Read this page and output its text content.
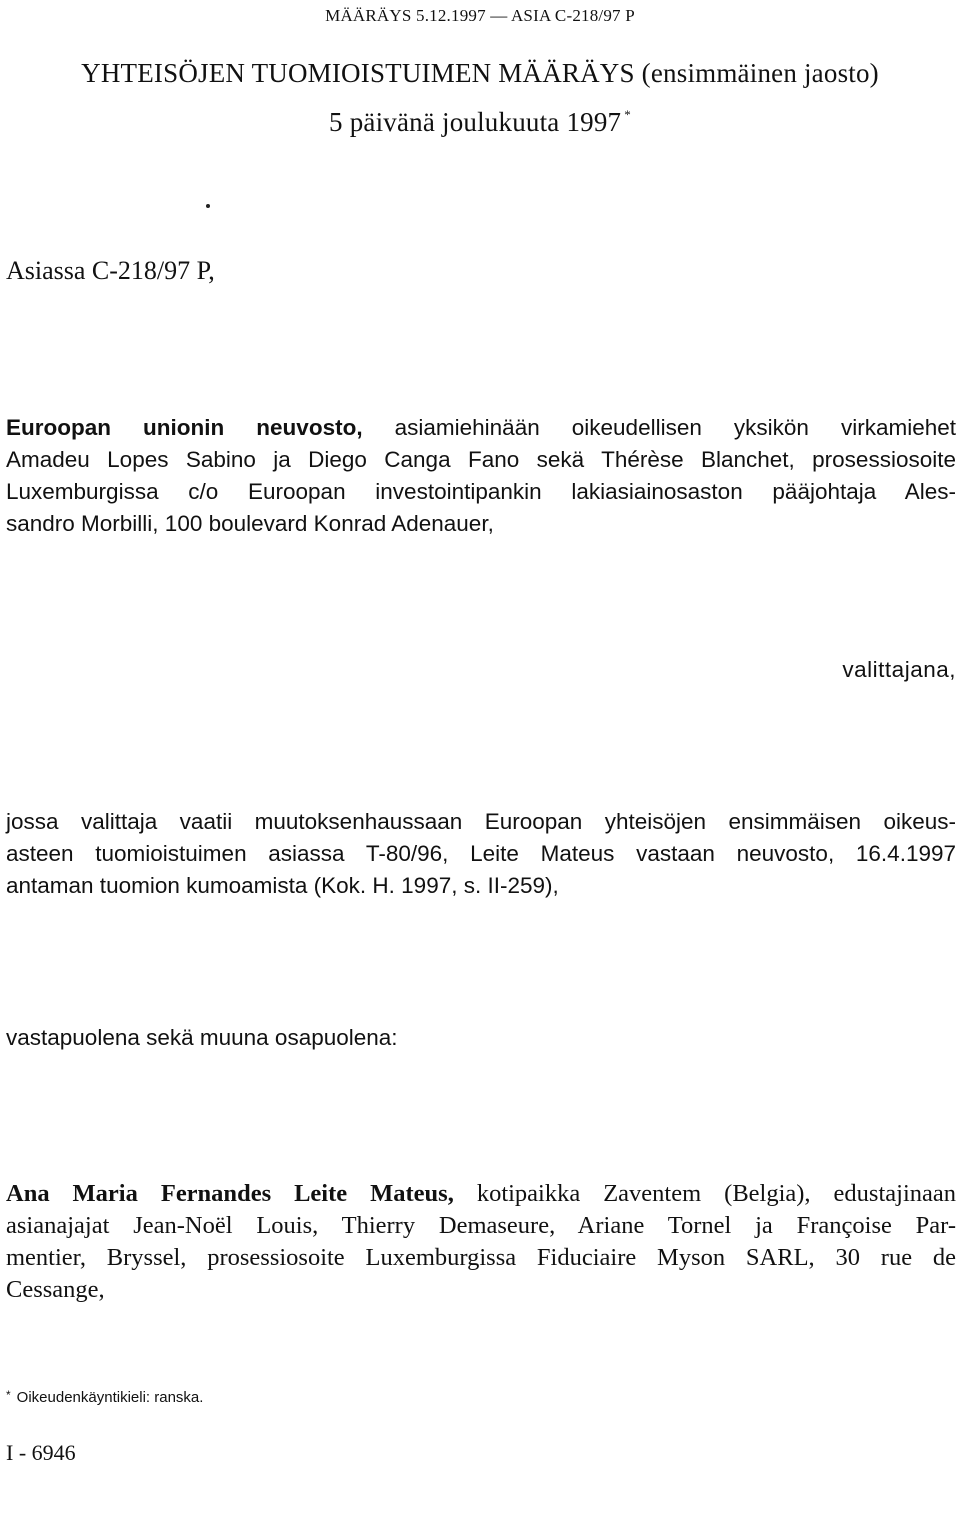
MÄÄRÄYS 5.12.1997 — ASIA C-218/97 P
YHTEISÖJEN TUOMIOISTUIMEN MÄÄRÄYS (ensimmäinen jaosto)
5 päivänä joulukuuta 1997 *
Asiassa C-218/97 P,
Euroopan unionin neuvosto, asiamiehinään oikeudellisen yksikön virkamiehet
Amadeu Lopes Sabino ja Diego Canga Fano sekä Thérèse Blanchet, prosessiosoite
Luxemburgissa c/o Euroopan investointipankin lakiasiainosaston pääjohtaja Ales-
sandro Morbilli, 100 boulevard Konrad Adenauer,
valittajana,
jossa valittaja vaatii muutoksenhaussaan Euroopan yhteisöjen ensimmäisen oikeus-
asteen tuomioistuimen asiassa T-80/96, Leite Mateus vastaan neuvosto, 16.4.1997
antaman tuomion kumoamista (Kok. H. 1997, s. II-259),
vastapuolena sekä muuna osapuolena:
Ana Maria Fernandes Leite Mateus, kotipaikka Zaventem (Belgia), edustajinaan
asianajajat Jean-Noël Louis, Thierry Demaseure, Ariane Tornel ja Françoise Par-
mentier, Bryssel, prosessiosoite Luxemburgissa Fiduciaire Myson SARL, 30 rue de
Cessange,
* Oikeudenkäyntikieli: ranska.
I - 6946
